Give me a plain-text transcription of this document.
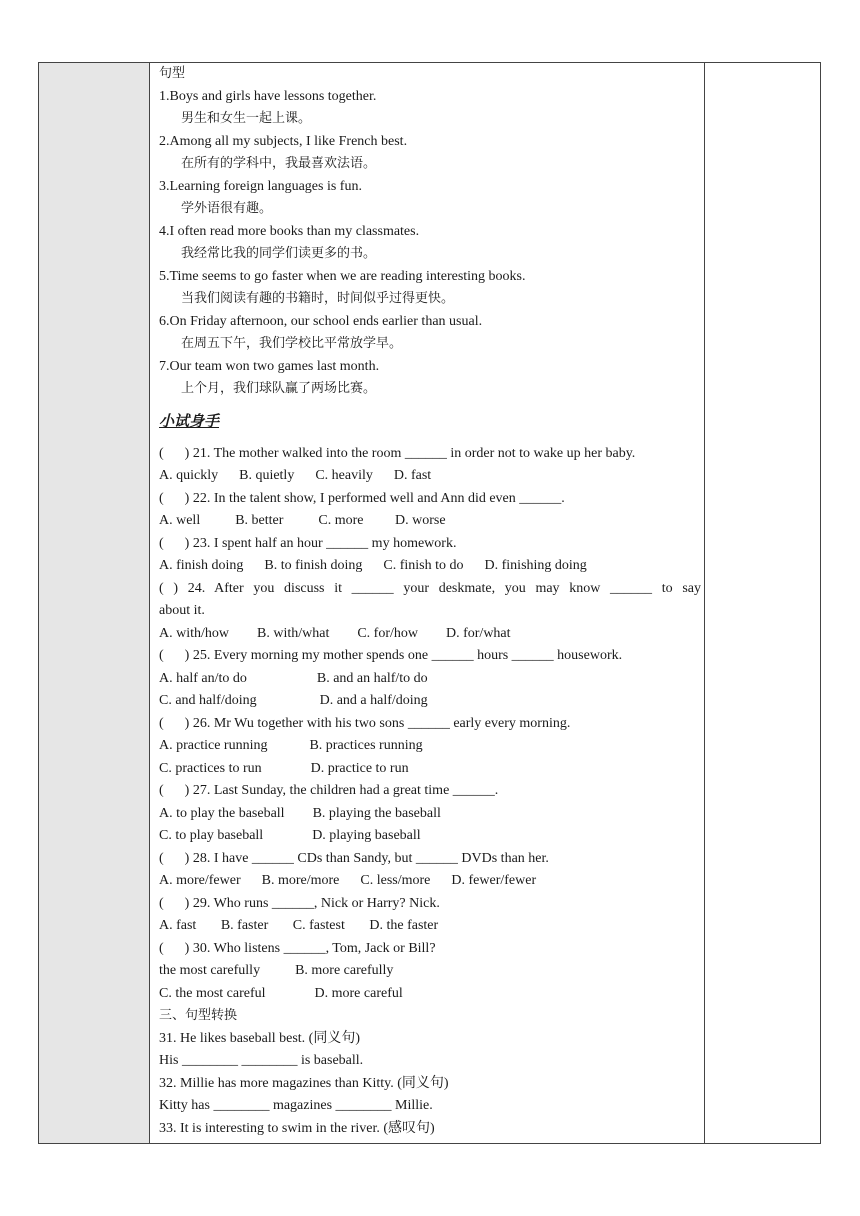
句型
1.Boys and girls have lessons together.
男生和女生一起上课。
2.Among all my subjects, I like French best.
在所有的学科中，我最喜欢法语。
3.Learning foreign languages is fun.
学外语很有趣。
4.I often read more books than my classmates.
我经常比我的同学们读更多的书。
5.Time seems to go faster when we are reading interesting books.
当我们阅读有趣的书籍时，时间似乎过得更快。
6.On Friday afternoon, our school ends earlier than usual.
在周五下午，我们学校比平常放学早。
7.Our team won two games last month.
上个月，我们球队赢了两场比赛。
小试身手
(      ) 21. The mother walked into the room ______ in order not to wake up her baby.
A. quickly      B. quietly      C. heavily      D. fast
(      ) 22. In the talent show, I performed well and Ann did even ______.
A. well          B. better          C. more         D. worse
(      ) 23. I spent half an hour ______ my homework.
A. finish doing      B. to finish doing      C. finish to do      D. finishing doing
( ) 24. After you discuss it ______ your deskmate, you may know ______ to say
about it.
A. with/how        B. with/what        C. for/how        D. for/what
(      ) 25. Every morning my mother spends one ______ hours ______ housework.
A. half an/to do                    B. and an half/to do
C. and half/doing                  D. and a half/doing
(      ) 26. Mr Wu together with his two sons ______ early every morning.
A. practice running            B. practices running
C. practices to run              D. practice to run
(      ) 27. Last Sunday, the children had a great time ______.
A. to play the baseball        B. playing the baseball
C. to play baseball              D. playing baseball
(      ) 28. I have ______ CDs than Sandy, but ______ DVDs than her.
A. more/fewer      B. more/more      C. less/more      D. fewer/fewer
(      ) 29. Who runs ______, Nick or Harry? Nick.
A. fast       B. faster       C. fastest       D. the faster
(      ) 30. Who listens ______, Tom, Jack or Bill?
the most carefully          B. more carefully
C. the most careful              D. more careful
三、句型转换
31. He likes baseball best. (同义句)
His ________ ________ is baseball.
32. Millie has more magazines than Kitty. (同义句)
Kitty has ________ magazines ________ Millie.
33. It is interesting to swim in the river. (感叹句)
